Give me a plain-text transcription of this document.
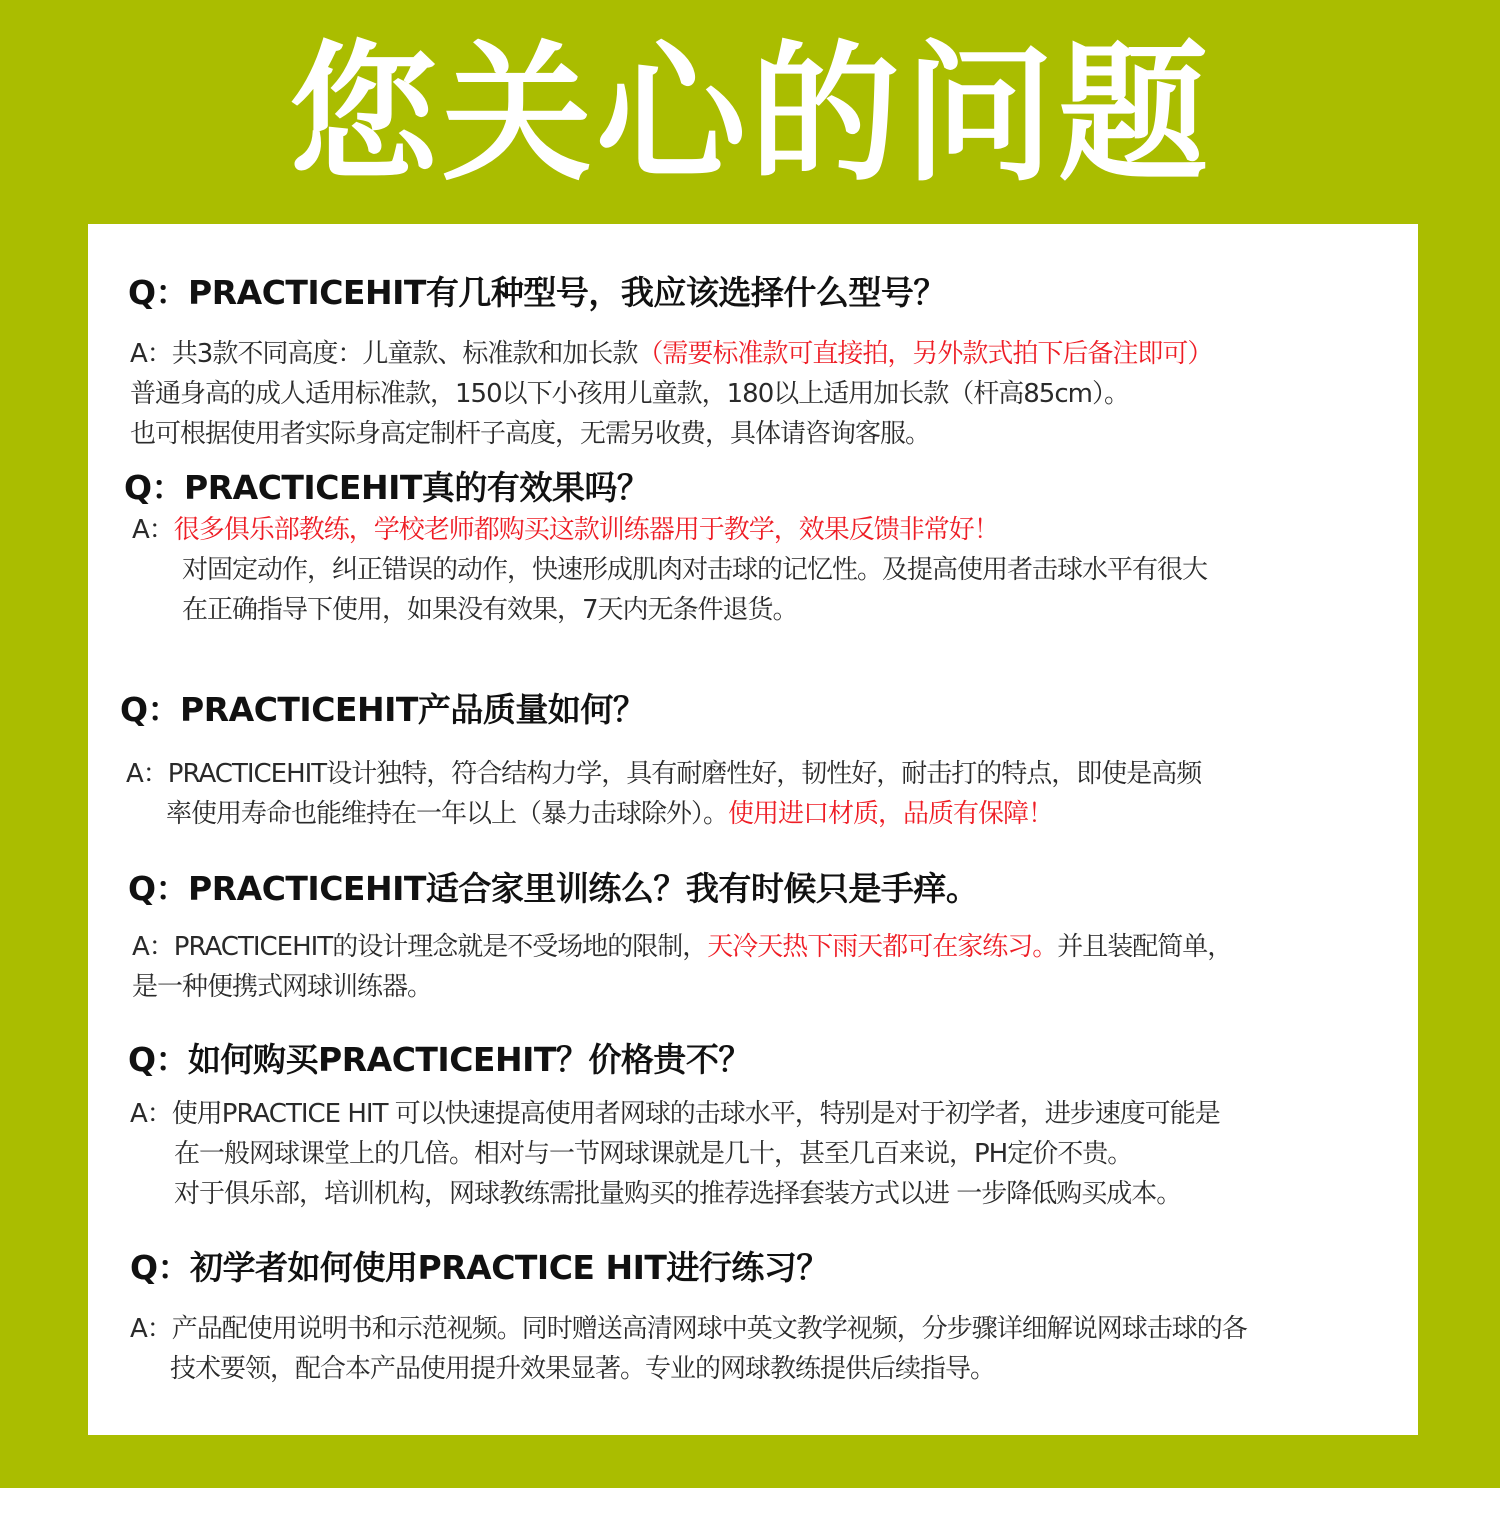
您关心的问题
Q：PRACTICEHIT有几种型号，我应该选择什么型号？
A：共3款不同高度：儿童款、标准款和加长款（需要标准款可直接拍，另外款式拍下后备注即可）
普通身高的成人适用标准款，150以下小孩用儿童款，180以上适用加长款（杆高85cm）。
也可根据使用者实际身高定制杆子高度，无需另收费，具体请咨询客服。
Q：PRACTICEHIT真的有效果吗？
A：很多俱乐部教练，学校老师都购买这款训练器用于教学，效果反馈非常好！
对固定动作，纠正错误的动作，快速形成肌肉对击球的记忆性。及提高使用者击球水平有很大
在正确指导下使用，如果没有效果，7天内无条件退货。
Q：PRACTICEHIT产品质量如何？
A：PRACTICEHIT设计独特，符合结构力学，具有耐磨性好，韧性好，耐击打的特点，即使是高频
率使用寿命也能维持在一年以上（暴力击球除外）。使用进口材质，品质有保障！
Q：PRACTICEHIT适合家里训练么？我有时候只是手痒。
A：PRACTICEHIT的设计理念就是不受场地的限制，天冷天热下雨天都可在家练习。并且装配简单，
是一种便携式网球训练器。
Q：如何购买PRACTICEHIT？价格贵不？
A：使用PRACTICE HIT 可以快速提高使用者网球的击球水平，特别是对于初学者，进步速度可能是
在一般网球课堂上的几倍。相对与一节网球课就是几十，甚至几百来说，PH定价不贵。
对于俱乐部，培训机构，网球教练需批量购买的推荐选择套装方式以进 一步降低购买成本。
Q：初学者如何使用PRACTICE HIT进行练习？
A：产品配使用说明书和示范视频。同时赠送高清网球中英文教学视频，分步骤详细解说网球击球的各
技术要领，配合本产品使用提升效果显著。专业的网球教练提供后续指导。
